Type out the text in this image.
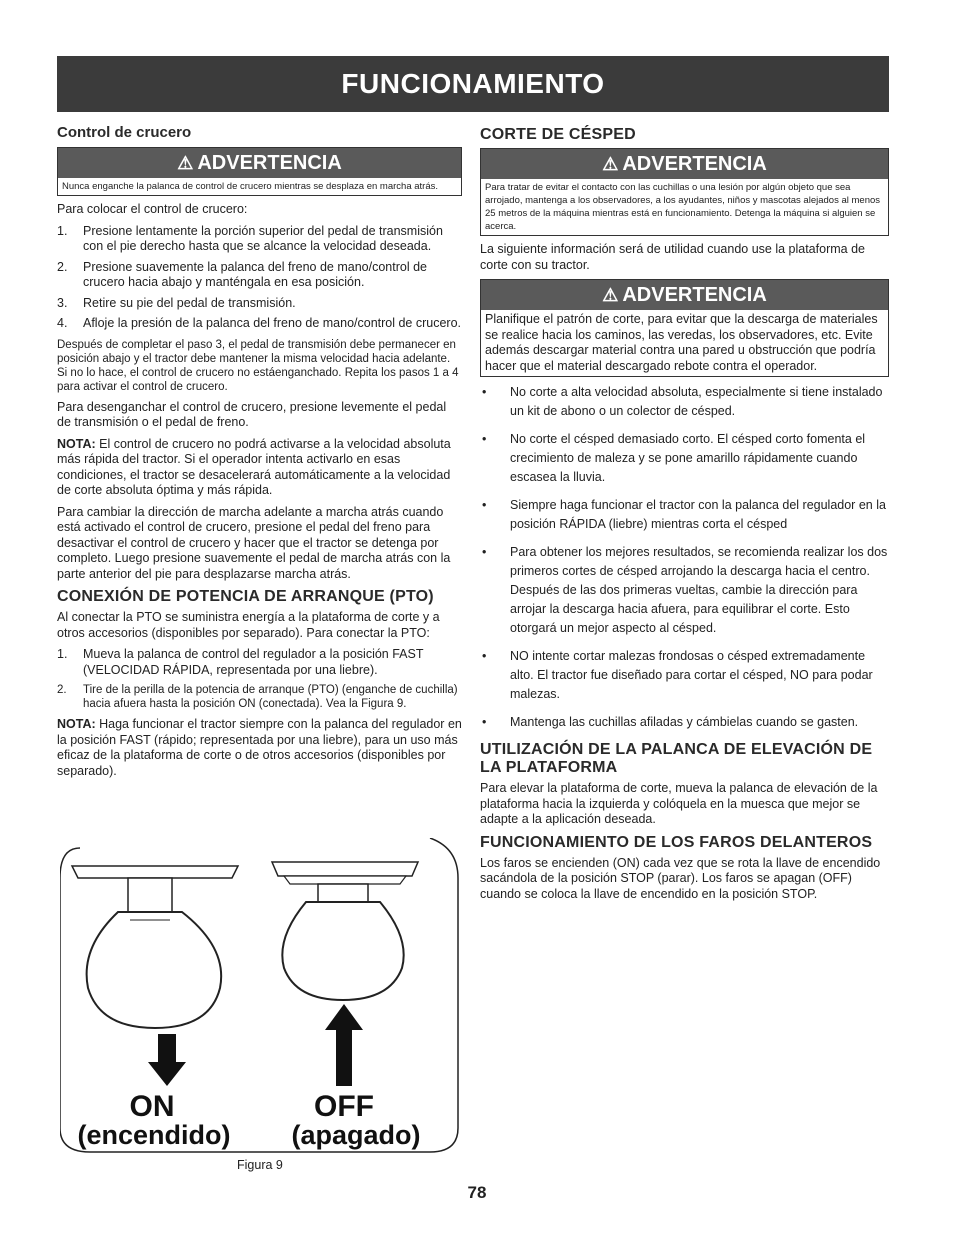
FUNCIONAMIENTO
Control de crucero
⚠ ADVERTENCIA
Nunca enganche la palanca de control de crucero mientras se desplaza en marcha atrás.

Para colocar el control de crucero:

1.	Presione lentamente la porción superior del pedal de transmisión con el pie derecho hasta que se alcance la velocidad deseada.
2.	Presione suavemente la palanca del freno de mano/control de crucero hacia abajo y manténgala en esa posición.
3.	Retire su pie del pedal de transmisión.
4.	Afloje la presión de la palanca del freno de mano/control de crucero.

Después de completar el paso 3, el pedal de transmisión debe permanecer en posición abajo y el tractor debe mantener la misma velocidad hacia adelante. Si no lo hace, el control de crucero no estáenganchado. Repita los pasos 1 a 4 para activar el control de crucero.

Para desenganchar el control de crucero, presione levemente el pedal de transmisión o el pedal de freno.

NOTA: El control de crucero no podrá activarse a la velocidad absoluta más rápida del tractor. Si el operador intenta activarlo en esas condiciones, el tractor se desacelerará automáticamente a la velocidad de corte absoluta óptima y más rápida.

Para cambiar la dirección de marcha adelante a marcha atrás cuando está activado el control de crucero, presione el pedal del freno para desactivar el control de crucero y hacer que el tractor se detenga por completo. Luego presione suavemente el pedal de marcha atrás con la parte anterior del pie para desplazarse marcha atrás.

CONEXIÓN DE POTENCIA DE ARRANQUE (PTO)

Al conectar la PTO se suministra energía a la plataforma de corte y a otros accesorios (disponibles por separado). Para conectar la PTO:

1.	Mueva la palanca de control del regulador a la posición FAST (VELOCIDAD RÁPIDA, representada por una liebre).
2.	Tire de la perilla de la potencia de arranque (PTO) (enganche de cuchilla) hacia afuera hasta la posición ON (conectada). Vea la Figura 9.

NOTA: Haga funcionar el tractor siempre con la palanca del regulador en la posición FAST (rápido; representada por una liebre), para un uso más eficaz de la plataforma de corte o de otros accesorios (disponibles por separado).

ON
(encendido)
OFF
(apagado)
Figura 9
CORTE DE CÉSPED
⚠ ADVERTENCIA
Para tratar de evitar el contacto con las cuchillas o una lesión por algún objeto que sea arrojado, mantenga a los observadores, a los ayudantes, niños y mascotas alejados al menos 25 metros de la máquina mientras está en funcionamiento. Detenga la máquina si alguien se acerca.

La siguiente información será de utilidad cuando use la plataforma de corte con su tractor.

⚠ ADVERTENCIA
Planifique el patrón de corte, para evitar que la descarga de materiales se realice hacia los caminos, las veredas, los observadores, etc. Evite además descargar material contra una pared u obstrucción que podría hacer que el material descargado rebote contra el operador.
•	No corte a alta velocidad absoluta, especialmente si tiene instalado un kit de abono o un colector de césped.
•	No corte el césped demasiado corto. El césped corto fomenta el crecimiento de maleza y se pone amarillo rápidamente cuando escasea la lluvia.
•	Siempre haga funcionar el tractor con la palanca del regulador en la posición RÁPIDA (liebre) mientras corta el césped
•	Para obtener los mejores resultados, se recomienda realizar los dos primeros cortes de césped arrojando la descarga hacia el centro. Después de las dos primeras vueltas, cambie la dirección para arrojar la descarga hacia afuera, para equilibrar el corte. Esto otorgará un mejor aspecto al césped.
•	NO intente cortar malezas frondosas o césped extremadamente alto. El tractor fue diseñado para cortar el césped, NO para podar malezas.
•	Mantenga las cuchillas afiladas y cámbielas cuando se gasten.
UTILIZACIÓN DE LA PALANCA DE ELEVACIÓN DE LA PLATAFORMA

Para elevar la plataforma de corte, mueva la palanca de elevación de la plataforma hacia la izquierda y colóquela en la muesca que mejor se adapte a la aplicación deseada.

FUNCIONAMIENTO DE LOS FAROS DELANTEROS

Los faros se encienden (ON) cada vez que se rota la llave de encendido sacándola de la posición STOP (parar). Los faros se apagan (OFF) cuando se coloca la llave de encendido en la posición STOP.

78
